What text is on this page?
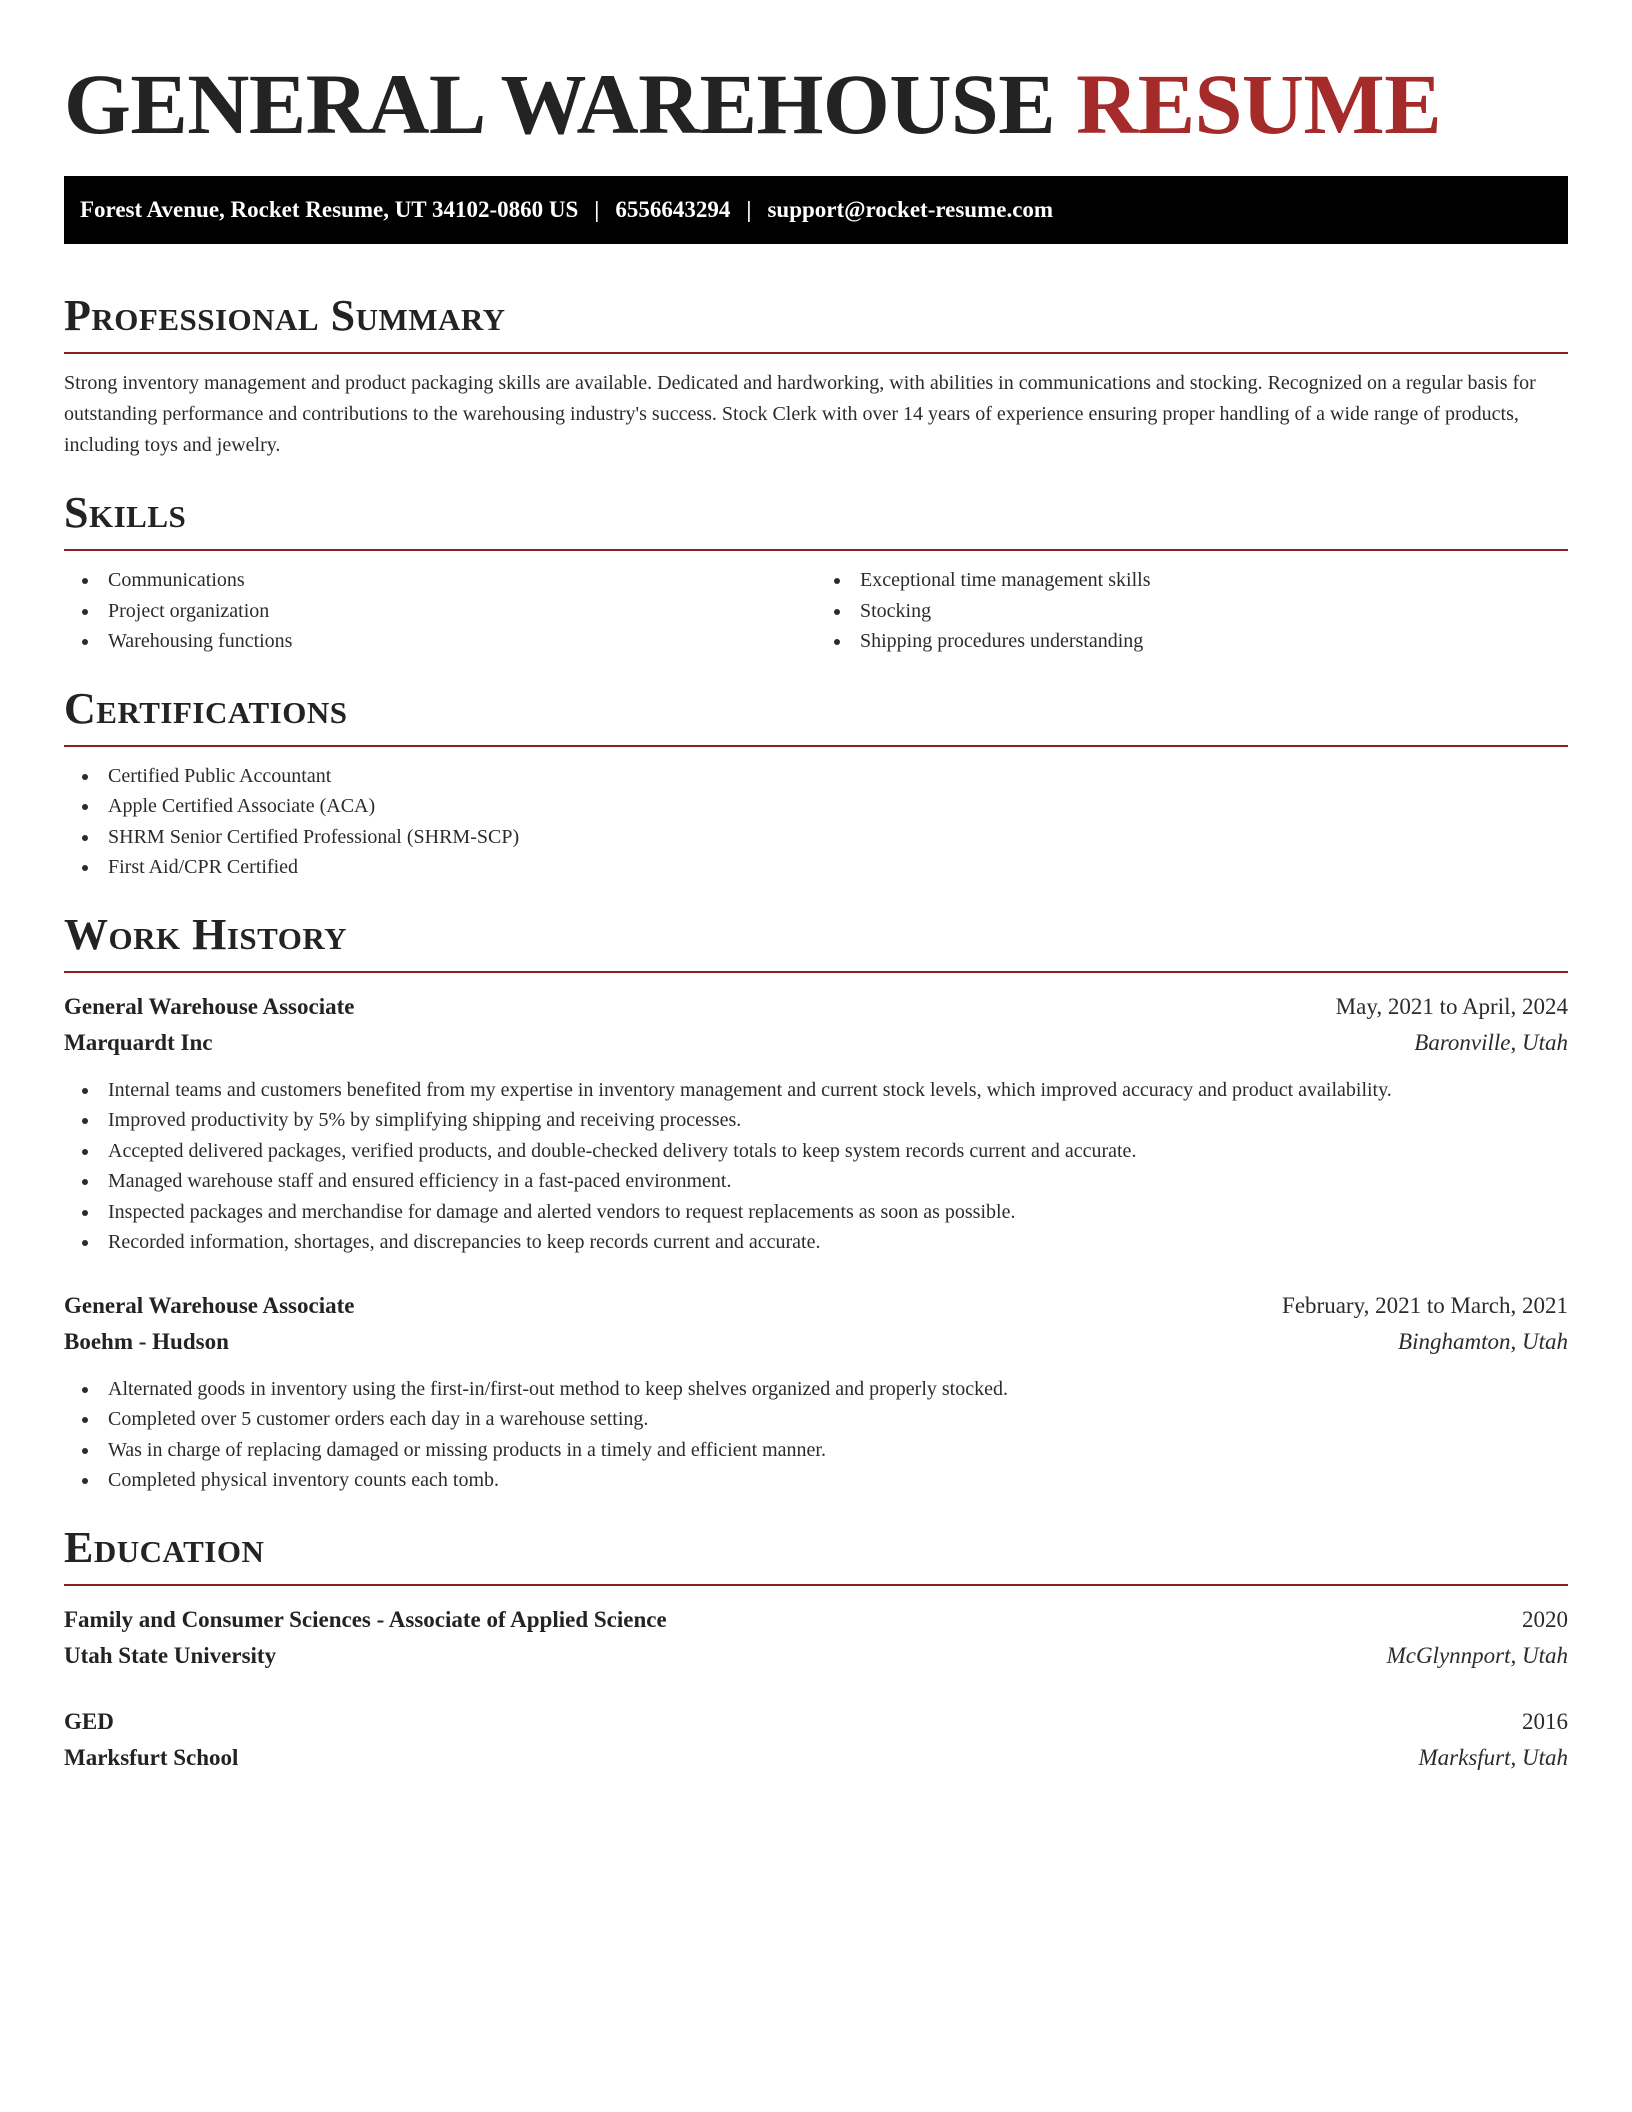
GENERAL WAREHOUSE RESUME
Forest Avenue, Rocket Resume, UT 34102-0860 US | 6556643294 | support@rocket-resume.com
Professional Summary

Strong inventory management and product packaging skills are available. Dedicated and hardworking, with abilities in communications and stocking. Recognized on a regular basis for outstanding performance and contributions to the warehousing industry's success. Stock Clerk with over 14 years of experience ensuring proper handling of a wide range of products, including toys and jewelry.

Skills
Communications
Project organization
Warehousing functions
Exceptional time management skills
Stocking
Shipping procedures understanding
Certifications
Certified Public Accountant
Apple Certified Associate (ACA)
SHRM Senior Certified Professional (SHRM-SCP)
First Aid/CPR Certified
Work History
General Warehouse Associate	May, 2021 to April, 2024
Marquardt Inc	Baronville, Utah
Internal teams and customers benefited from my expertise in inventory management and current stock levels, which improved accuracy and product availability.
Improved productivity by 5% by simplifying shipping and receiving processes.
Accepted delivered packages, verified products, and double-checked delivery totals to keep system records current and accurate.
Managed warehouse staff and ensured efficiency in a fast-paced environment.
Inspected packages and merchandise for damage and alerted vendors to request replacements as soon as possible.
Recorded information, shortages, and discrepancies to keep records current and accurate.
General Warehouse Associate	February, 2021 to March, 2021
Boehm - Hudson	Binghamton, Utah
Alternated goods in inventory using the first-in/first-out method to keep shelves organized and properly stocked.
Completed over 5 customer orders each day in a warehouse setting.
Was in charge of replacing damaged or missing products in a timely and efficient manner.
Completed physical inventory counts each tomb.
Education
Family and Consumer Sciences - Associate of Applied Science	2020
Utah State University	McGlynnport, Utah
GED	2016
Marksfurt School	Marksfurt, Utah
